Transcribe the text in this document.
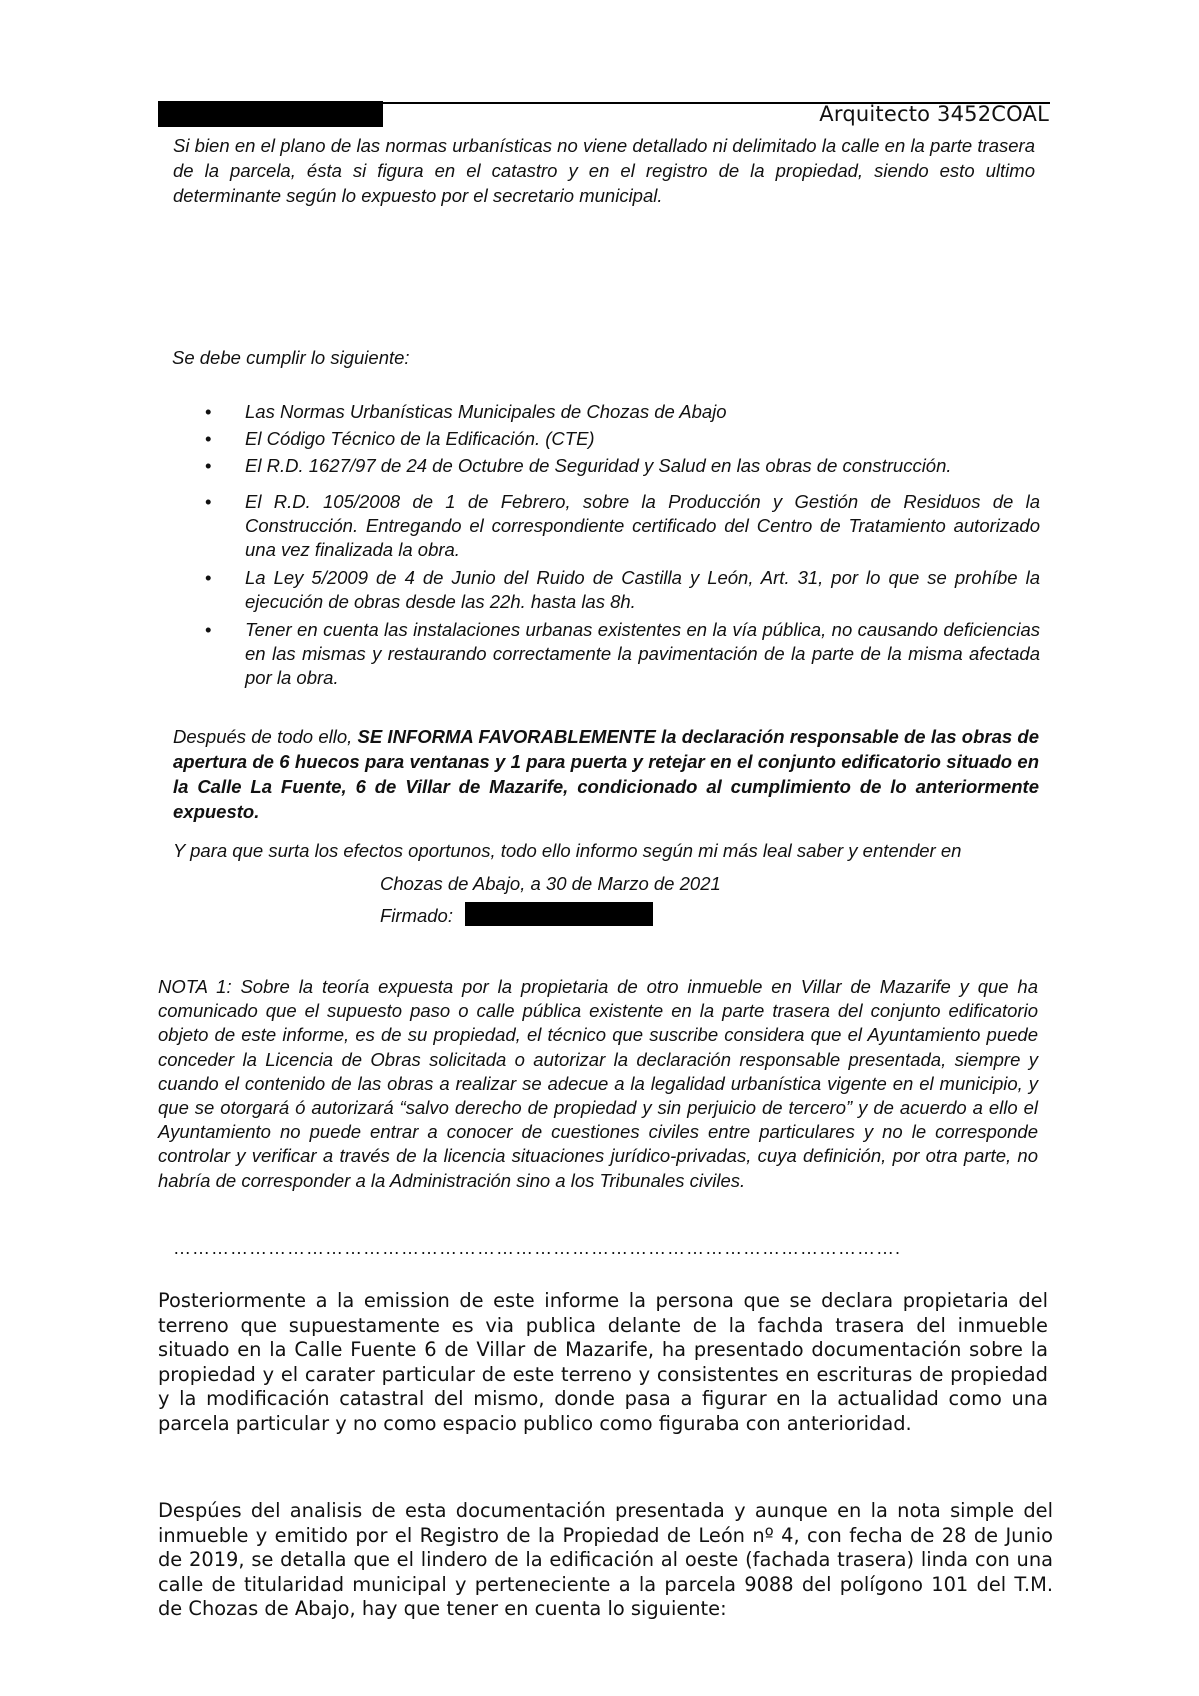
Arquitecto 3452COAL

Si bien en el plano de las normas urbanísticas no viene detallado ni delimitado la calle en la parte trasera de la parcela, ésta si figura en el catastro y en el registro de la propiedad, siendo esto ultimo determinante según lo expuesto por el secretario municipal.

Se debe cumplir lo siguiente:
• Las Normas Urbanísticas Municipales de Chozas de Abajo
• El Código Técnico de la Edificación. (CTE)
• El R.D. 1627/97 de 24 de Octubre de Seguridad y Salud en las obras de construcción.
• El R.D. 105/2008 de 1 de Febrero, sobre la Producción y Gestión de Residuos de la Construcción. Entregando el correspondiente certificado del Centro de Tratamiento autorizado una vez finalizada la obra.
• La Ley 5/2009 de 4 de Junio del Ruido de Castilla y León, Art. 31, por lo que se prohíbe la ejecución de obras desde las 22h. hasta las 8h.
• Tener en cuenta las instalaciones urbanas existentes en la vía pública, no causando deficiencias en las mismas y restaurando correctamente la pavimentación de la parte de la misma afectada por la obra.

Después de todo ello, SE INFORMA FAVORABLEMENTE la declaración responsable de las obras de apertura de 6 huecos para ventanas y 1 para puerta y retejar en el conjunto edificatorio situado en la Calle La Fuente, 6 de Villar de Mazarife, condicionado al cumplimiento de lo anteriormente expuesto.

Y para que surta los efectos oportunos, todo ello informo según mi más leal saber y entender en
Chozas de Abajo, a 30 de Marzo de 2021
Firmado:

NOTA 1: Sobre la teoría expuesta por la propietaria de otro inmueble en Villar de Mazarife y que ha comunicado que el supuesto paso o calle pública existente en la parte trasera del conjunto edificatorio objeto de este informe, es de su propiedad, el técnico que suscribe considera que el Ayuntamiento puede conceder la Licencia de Obras solicitada o autorizar la declaración responsable presentada, siempre y cuando el contenido de las obras a realizar se adecue a la legalidad urbanística vigente en el municipio, y que se otorgará ó autorizará “salvo derecho de propiedad y sin perjuicio de tercero” y de acuerdo a ello el Ayuntamiento no puede entrar a conocer de cuestiones civiles entre particulares y no le corresponde controlar y verificar a través de la licencia situaciones jurídico-privadas, cuya definición, por otra parte, no habría de corresponder a la Administración sino a los Tribunales civiles.

…………………………………………………………………………………………………….

Posteriormente a la emission de este informe la persona que se declara propietaria del terreno que supuestamente es via publica delante de la fachda trasera del inmueble situado en la Calle Fuente 6 de Villar de Mazarife, ha presentado documentación sobre la propiedad y el carater particular de este terreno y consistentes en escrituras de propiedad y la modificación catastral del mismo, donde pasa a figurar en la actualidad como una parcela particular y no como espacio publico como figuraba con anterioridad.

Despúes del analisis de esta documentación presentada y aunque en la nota simple del inmueble y emitido por el Registro de la Propiedad de León nº 4, con fecha de 28 de Junio de 2019, se detalla que el lindero de la edificación al oeste (fachada trasera) linda con una calle de titularidad municipal y perteneciente a la parcela 9088 del polígono 101 del T.M. de Chozas de Abajo, hay que tener en cuenta lo siguiente:
